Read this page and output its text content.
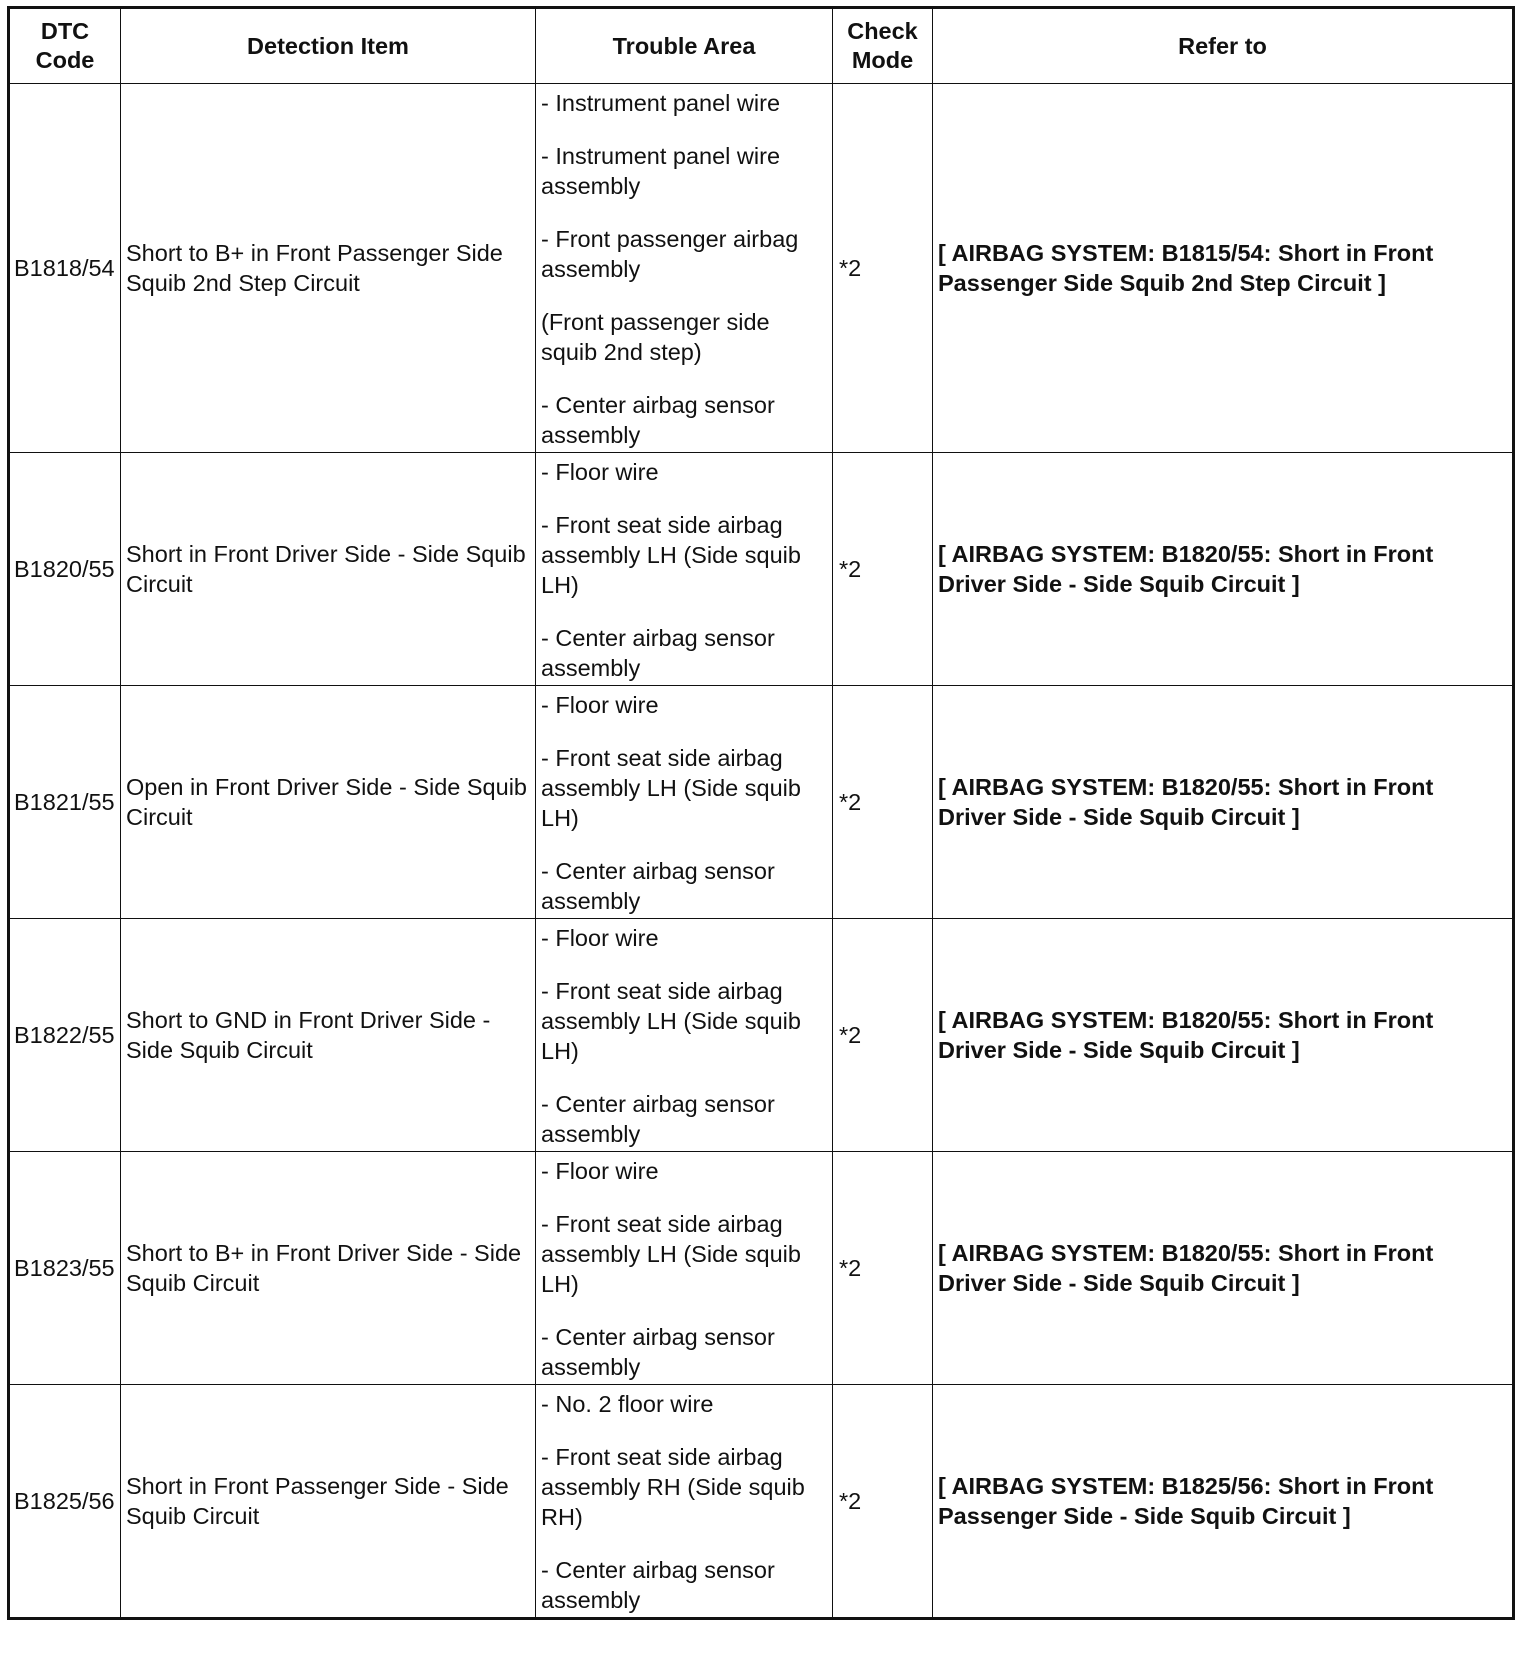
DTC Code	Detection Item	Trouble Area	Check Mode	Refer to
B1818/54	Short to B+ in Front Passenger Side Squib 2nd Step Circuit	- Instrument panel wire
- Instrument panel wire assembly
- Front passenger airbag assembly
(Front passenger side squib 2nd step)
- Center airbag sensor assembly	*2	[ AIRBAG SYSTEM: B1815/54: Short in Front Passenger Side Squib 2nd Step Circuit ]
B1820/55	Short in Front Driver Side - Side Squib Circuit	- Floor wire
- Front seat side airbag assembly LH (Side squib LH)
- Center airbag sensor assembly	*2	[ AIRBAG SYSTEM: B1820/55: Short in Front Driver Side - Side Squib Circuit ]
B1821/55	Open in Front Driver Side - Side Squib Circuit	- Floor wire
- Front seat side airbag assembly LH (Side squib LH)
- Center airbag sensor assembly	*2	[ AIRBAG SYSTEM: B1820/55: Short in Front Driver Side - Side Squib Circuit ]
B1822/55	Short to GND in Front Driver Side - Side Squib Circuit	- Floor wire
- Front seat side airbag assembly LH (Side squib LH)
- Center airbag sensor assembly	*2	[ AIRBAG SYSTEM: B1820/55: Short in Front Driver Side - Side Squib Circuit ]
B1823/55	Short to B+ in Front Driver Side - Side Squib Circuit	- Floor wire
- Front seat side airbag assembly LH (Side squib LH)
- Center airbag sensor assembly	*2	[ AIRBAG SYSTEM: B1820/55: Short in Front Driver Side - Side Squib Circuit ]
B1825/56	Short in Front Passenger Side - Side Squib Circuit	- No. 2 floor wire
- Front seat side airbag assembly RH (Side squib RH)
- Center airbag sensor assembly	*2	[ AIRBAG SYSTEM: B1825/56: Short in Front Passenger Side - Side Squib Circuit ]
